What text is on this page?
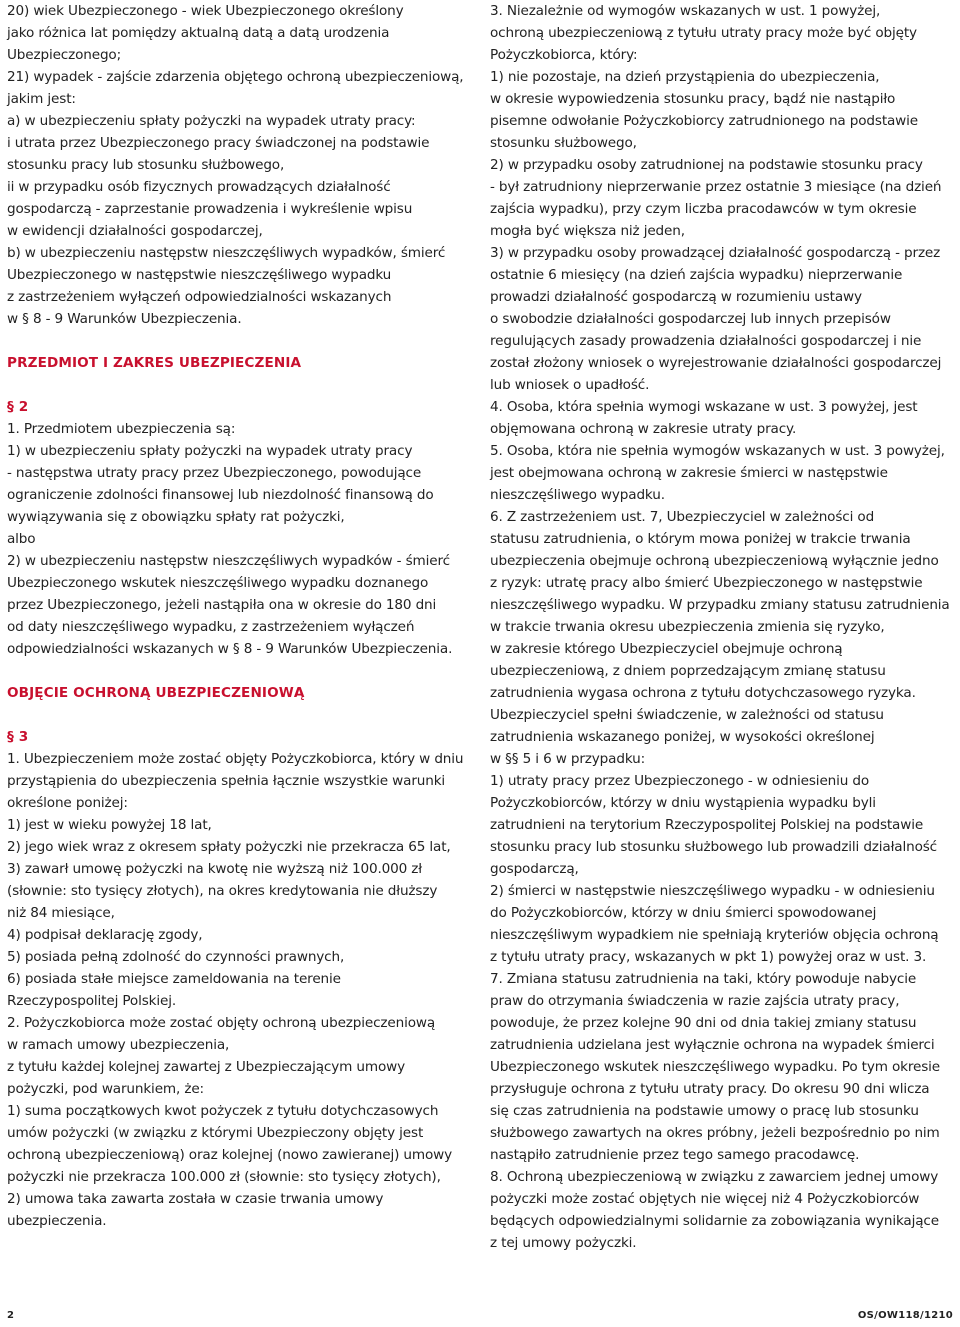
20) wiek Ubezpieczonego - wiek Ubezpieczonego określony
jako różnica lat pomiędzy aktualną datą a datą urodzenia
Ubezpieczonego;
21) wypadek - zajście zdarzenia objętego ochroną ubezpieczeniową,
jakim jest:
a) w ubezpieczeniu spłaty pożyczki na wypadek utraty pracy:
i utrata przez Ubezpieczonego pracy świadczonej na podstawie
stosunku pracy lub stosunku służbowego,
ii w przypadku osób fizycznych prowadzących działalność
gospodarczą - zaprzestanie prowadzenia i wykreślenie wpisu
w ewidencji działalności gospodarczej,
b) w ubezpieczeniu następstw nieszczęśliwych wypadków, śmierć
Ubezpieczonego w następstwie nieszczęśliwego wypadku
z zastrzeżeniem wyłączeń odpowiedzialności wskazanych
w § 8 - 9 Warunków Ubezpieczenia.
PRZEDMIOT I ZAKRES UBEZPIECZENIA
§ 2
1. Przedmiotem ubezpieczenia są:
1) w ubezpieczeniu spłaty pożyczki na wypadek utraty pracy
- następstwa utraty pracy przez Ubezpieczonego, powodujące
ograniczenie zdolności finansowej lub niezdolność finansową do
wywiązywania się z obowiązku spłaty rat pożyczki,
albo
2) w ubezpieczeniu następstw nieszczęśliwych wypadków - śmierć
Ubezpieczonego wskutek nieszczęśliwego wypadku doznanego
przez Ubezpieczonego, jeżeli nastąpiła ona w okresie do 180 dni
od daty nieszczęśliwego wypadku, z zastrzeżeniem wyłączeń
odpowiedzialności wskazanych w § 8 - 9 Warunków Ubezpieczenia.
OBJĘCIE OCHRONĄ UBEZPIECZENIOWĄ
§ 3
1. Ubezpieczeniem może zostać objęty Pożyczkobiorca, który w dniu
przystąpienia do ubezpieczenia spełnia łącznie wszystkie warunki
określone poniżej:
1) jest w wieku powyżej 18 lat,
2) jego wiek wraz z okresem spłaty pożyczki nie przekracza 65 lat,
3) zawarł umowę pożyczki na kwotę nie wyższą niż 100.000 zł
(słownie: sto tysięcy złotych), na okres kredytowania nie dłuższy
niż 84 miesiące,
4) podpisał deklarację zgody,
5) posiada pełną zdolność do czynności prawnych,
6) posiada stałe miejsce zameldowania na terenie
Rzeczypospolitej Polskiej.
2. Pożyczkobiorca może zostać objęty ochroną ubezpieczeniową
w ramach umowy ubezpieczenia,
z tytułu każdej kolejnej zawartej z Ubezpieczającym umowy
pożyczki, pod warunkiem, że:
1) suma początkowych kwot pożyczek z tytułu dotychczasowych
umów pożyczki (w związku z którymi Ubezpieczony objęty jest
ochroną ubezpieczeniową) oraz kolejnej (nowo zawieranej) umowy
pożyczki nie przekracza 100.000 zł (słownie: sto tysięcy złotych),
2) umowa taka zawarta została w czasie trwania umowy
ubezpieczenia.
3. Niezależnie od wymogów wskazanych w ust. 1 powyżej,
ochroną ubezpieczeniową z tytułu utraty pracy może być objęty
Pożyczkobiorca, który:
1) nie pozostaje, na dzień przystąpienia do ubezpieczenia,
w okresie wypowiedzenia stosunku pracy, bądź nie nastąpiło
pisemne odwołanie Pożyczkobiorcy zatrudnionego na podstawie
stosunku służbowego,
2) w przypadku osoby zatrudnionej na podstawie stosunku pracy
- był zatrudniony nieprzerwanie przez ostatnie 3 miesiące (na dzień
zajścia wypadku), przy czym liczba pracodawców w tym okresie
mogła być większa niż jeden,
3) w przypadku osoby prowadzącej działalność gospodarczą - przez
ostatnie 6 miesięcy (na dzień zajścia wypadku) nieprzerwanie
prowadzi działalność gospodarczą w rozumieniu ustawy
o swobodzie działalności gospodarczej lub innych przepisów
regulujących zasady prowadzenia działalności gospodarczej i nie
został złożony wniosek o wyrejestrowanie działalności gospodarczej
lub wniosek o upadłość.
4. Osoba, która spełnia wymogi wskazane w ust. 3 powyżej, jest
objęmowana ochroną w zakresie utraty pracy.
5. Osoba, która nie spełnia wymogów wskazanych w ust. 3 powyżej,
jest obejmowana ochroną w zakresie śmierci w następstwie
nieszczęśliwego wypadku.
6. Z zastrzeżeniem ust. 7, Ubezpieczyciel w zależności od
statusu zatrudnienia, o którym mowa poniżej w trakcie trwania
ubezpieczenia obejmuje ochroną ubezpieczeniową wyłącznie jedno
z ryzyk: utratę pracy albo śmierć Ubezpieczonego w następstwie
nieszczęśliwego wypadku. W przypadku zmiany statusu zatrudnienia
w trakcie trwania okresu ubezpieczenia zmienia się ryzyko,
w zakresie którego Ubezpieczyciel obejmuje ochroną
ubezpieczeniową, z dniem poprzedzającym zmianę statusu
zatrudnienia wygasa ochrona z tytułu dotychczasowego ryzyka.
Ubezpieczyciel spełni świadczenie, w zależności od statusu
zatrudnienia wskazanego poniżej, w wysokości określonej
w §§ 5 i 6 w przypadku:
1) utraty pracy przez Ubezpieczonego - w odniesieniu do
Pożyczkobiorców, którzy w dniu wystąpienia wypadku byli
zatrudnieni na terytorium Rzeczypospolitej Polskiej na podstawie
stosunku pracy lub stosunku służbowego lub prowadzili działalność
gospodarczą,
2) śmierci w następstwie nieszczęśliwego wypadku - w odniesieniu
do Pożyczkobiorców, którzy w dniu śmierci spowodowanej
nieszczęśliwym wypadkiem nie spełniają kryteriów objęcia ochroną
z tytułu utraty pracy, wskazanych w pkt 1) powyżej oraz w ust. 3.
7. Zmiana statusu zatrudnienia na taki, który powoduje nabycie
praw do otrzymania świadczenia w razie zajścia utraty pracy,
powoduje, że przez kolejne 90 dni od dnia takiej zmiany statusu
zatrudnienia udzielana jest wyłącznie ochrona na wypadek śmierci
Ubezpieczonego wskutek nieszczęśliwego wypadku. Po tym okresie
przysługuje ochrona z tytułu utraty pracy. Do okresu 90 dni wlicza
się czas zatrudnienia na podstawie umowy o pracę lub stosunku
służbowego zawartych na okres próbny, jeżeli bezpośrednio po nim
nastąpiło zatrudnienie przez tego samego pracodawcę.
8. Ochroną ubezpieczeniową w związku z zawarciem jednej umowy
pożyczki może zostać objętych nie więcej niż 4 Pożyczkobiorców
będących odpowiedzialnymi solidarnie za zobowiązania wynikające
z tej umowy pożyczki.
2	OS/OW118/1210
